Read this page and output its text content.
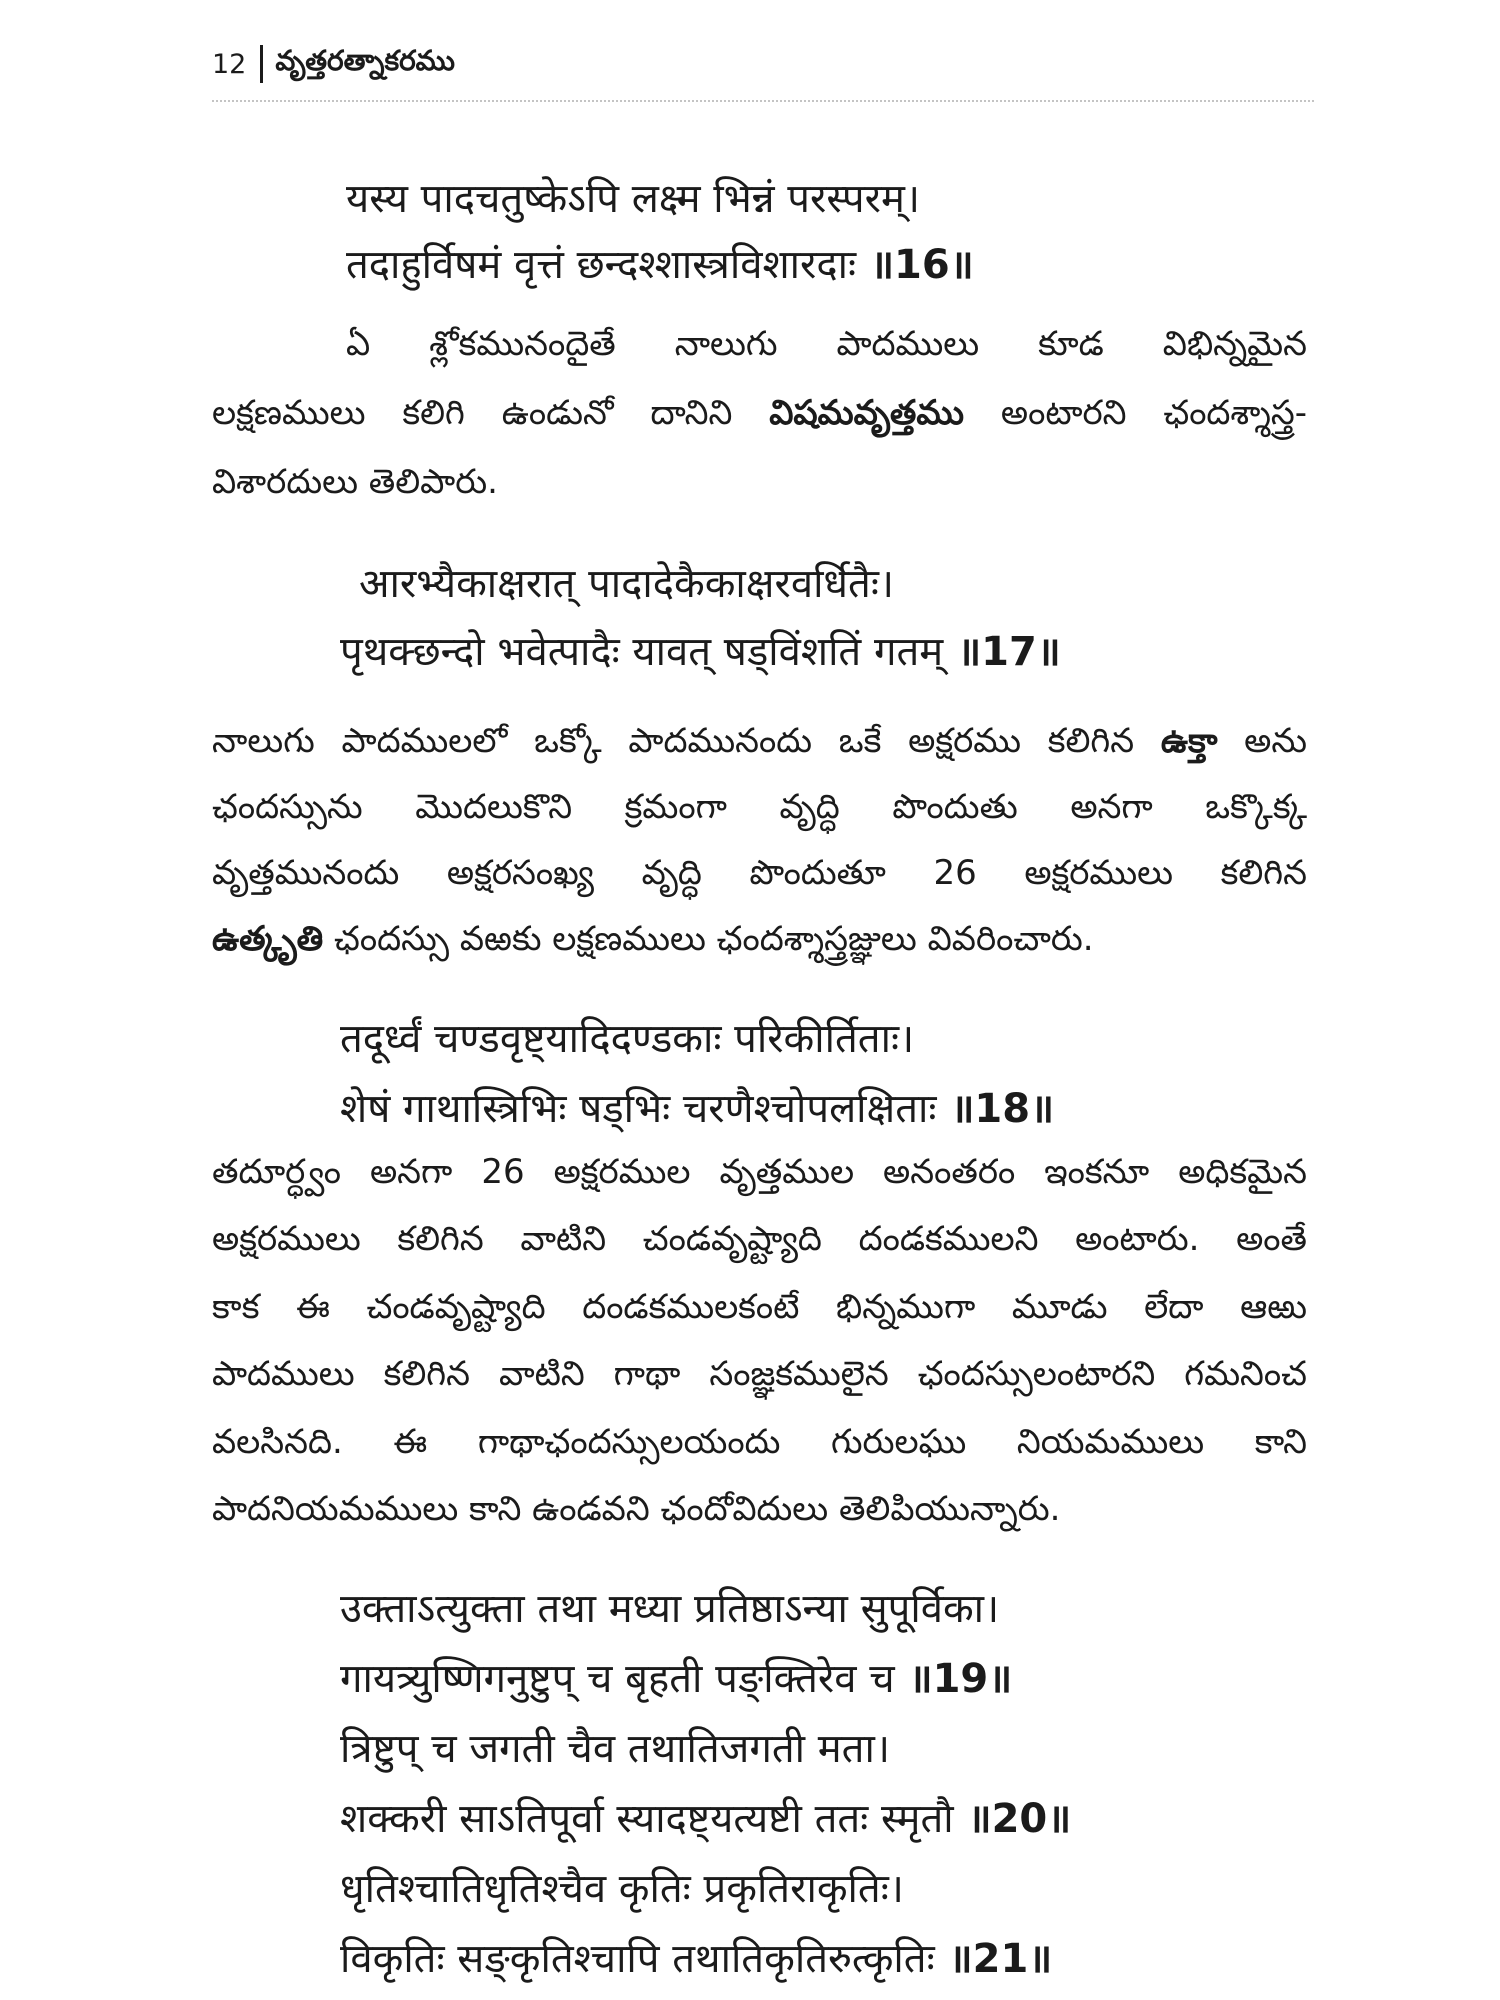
12 వృత్తరత్నాకరము
यस्य पादचतुष्केऽपि लक्ष्म भिन्नं परस्परम्।
तदाहुर्विषमं वृत्तं छन्दश्शास्त्रविशारदाः ॥16॥
ఏ శ్లోకమునందైతే నాలుగు పాదములు కూడ విభిన్నమైన
లక్షణములు కలిగి ఉండునో దానిని విషమవృత్తము అంటారని ఛందశ్శాస్త్ర-
విశారదులు తెలిపారు.
आरभ्यैकाक्षरात् पादादेकैकाक्षरवर्धितैः।
पृथक्छन्दो भवेत्पादैः यावत् षड्विंशतिं गतम् ॥17॥
నాలుగు పాదములలో ఒక్కో పాదమునందు ఒకే అక్షరము కలిగిన ఉక్తా అను
ఛందస్సును మొదలుకొని క్రమంగా వృద్ధి పొందుతు అనగా ఒక్కొక్క
వృత్తమునందు అక్షరసంఖ్య వృద్ధి పొందుతూ 26 అక్షరములు కలిగిన
ఉత్కృతి ఛందస్సు వఱకు లక్షణములు ఛందశ్శాస్త్రజ్ఞులు వివరించారు.
तदूर्ध्वं चण्डवृष्ट्यादिदण्डकाः परिकीर्तिताः।
शेषं गाथास्त्रिभिः षड्भिः चरणैश्चोपलक्षिताः ॥18॥
తదూర్ధ్వం అనగా 26 అక్షరముల వృత్తముల అనంతరం ఇంకనూ అధికమైన
అక్షరములు కలిగిన వాటిని చండవృష్ట్యాది దండకములని అంటారు. అంతే
కాక ఈ చండవృష్ట్యాది దండకములకంటే భిన్నముగా మూడు లేదా ఆఱు
పాదములు కలిగిన వాటిని గాథా సంజ్ఞకములైన ఛందస్సులంటారని గమనించ
వలసినది. ఈ గాథాఛందస్సులయందు గురులఘు నియమములు కాని
పాదనియమములు కాని ఉండవని ఛందోవిదులు తెలిపియున్నారు.
उक्ताऽत्युक्ता तथा मध्या प्रतिष्ठाऽन्या सुपूर्विका।
गायत्र्युष्णिगनुष्टुप् च बृहती पङ्क्तिरेव च ॥19॥
त्रिष्टुप् च जगती चैव तथातिजगती मता।
शक्करी साऽतिपूर्वा स्यादष्ट्यत्यष्टी ततः स्मृतौ ॥20॥
धृतिश्चातिधृतिश्चैव कृतिः प्रकृतिराकृतिः।
विकृतिः सङ्कृतिश्चापि तथातिकृतिरुत्कृतिः ॥21॥
